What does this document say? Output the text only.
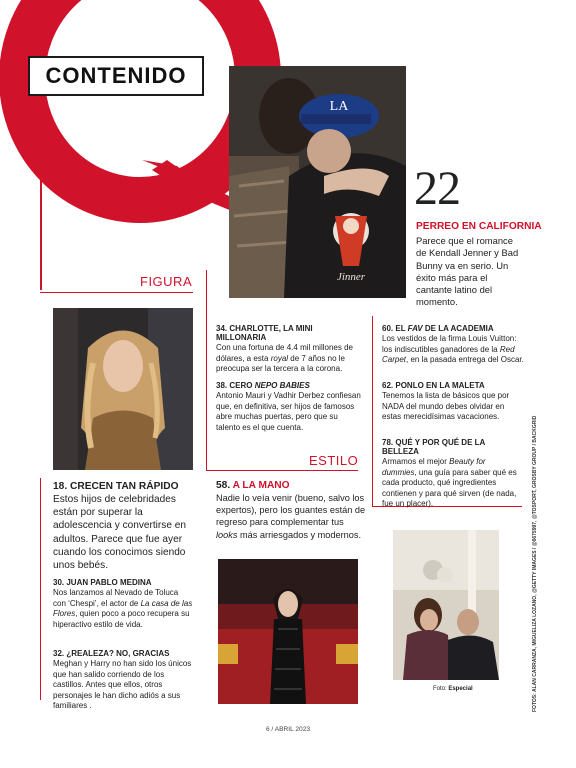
CONTENIDO
LA
Jinner
22
PERREO EN CALIFORNIA
Parece que el romance de Kendall Jenner y Bad Bunny va en serio. Un éxito más para el cantante latino del momento.
FIGURA
ESTILO
18. CRECEN TAN RÁPIDO

Estos hijos de celebridades están por superar la adolescencia y convertirse en adultos. Parece que fue ayer cuando los conocimos siendo unos bebés.

30. JUAN PABLO MEDINA

Nos lanzamos al Nevado de Toluca con ‘Chespi’, el actor de La casa de las Flores, quien poco a poco recupera su hiperactivo estilo de vida.

32. ¿REALEZA? NO, GRACIAS

Meghan y Harry no han sido los únicos que han salido corriendo de los castillos. Antes que ellos, otros personajes le han dicho adiós a sus familiares .

34. CHARLOTTE, LA MINI MILLONARIA

Con una fortuna de 4.4 mil millones de dólares, a esta royal de 7 años no le preocupa ser la tercera a la corona.

38. CERO NEPO BABIES

Antonio Mauri y Vadhir Derbez confiesan que, en definitiva, ser hijos de famosos abre muchas puertas, pero que su talento es el que cuenta.

58. A LA MANO

Nadie lo veía venir (bueno, salvo los expertos), pero los guantes están de regreso para complementar tus looks más arriesgados y modernos.

60. EL FAV DE LA ACADEMIA

Los vestidos de la firma Louis Vuitton: los indiscutibles ganadores de la Red Carpet, en la pasada entrega del Oscar.

62. PONLO EN LA MALETA

Tenemos la lista de básicos que por NADA del mundo debes olvidar en estas merecidísimas vacaciones.

78. QUÉ Y POR QUÉ DE LA BELLEZA

Armamos el mejor Beauty for dummies, una guía para saber qué es cada producto, qué ingredientes contienen y para qué sirven (de nada, fue un placer).

Foto: Especial	FOTOS: ALAN CARRANZA, MIGUELIZA LOZANO, @GETTY IMAGES / @6675997, @TOSPORT, GROSBY GROUP / BACKGRID
6 / ABRIL 2023
